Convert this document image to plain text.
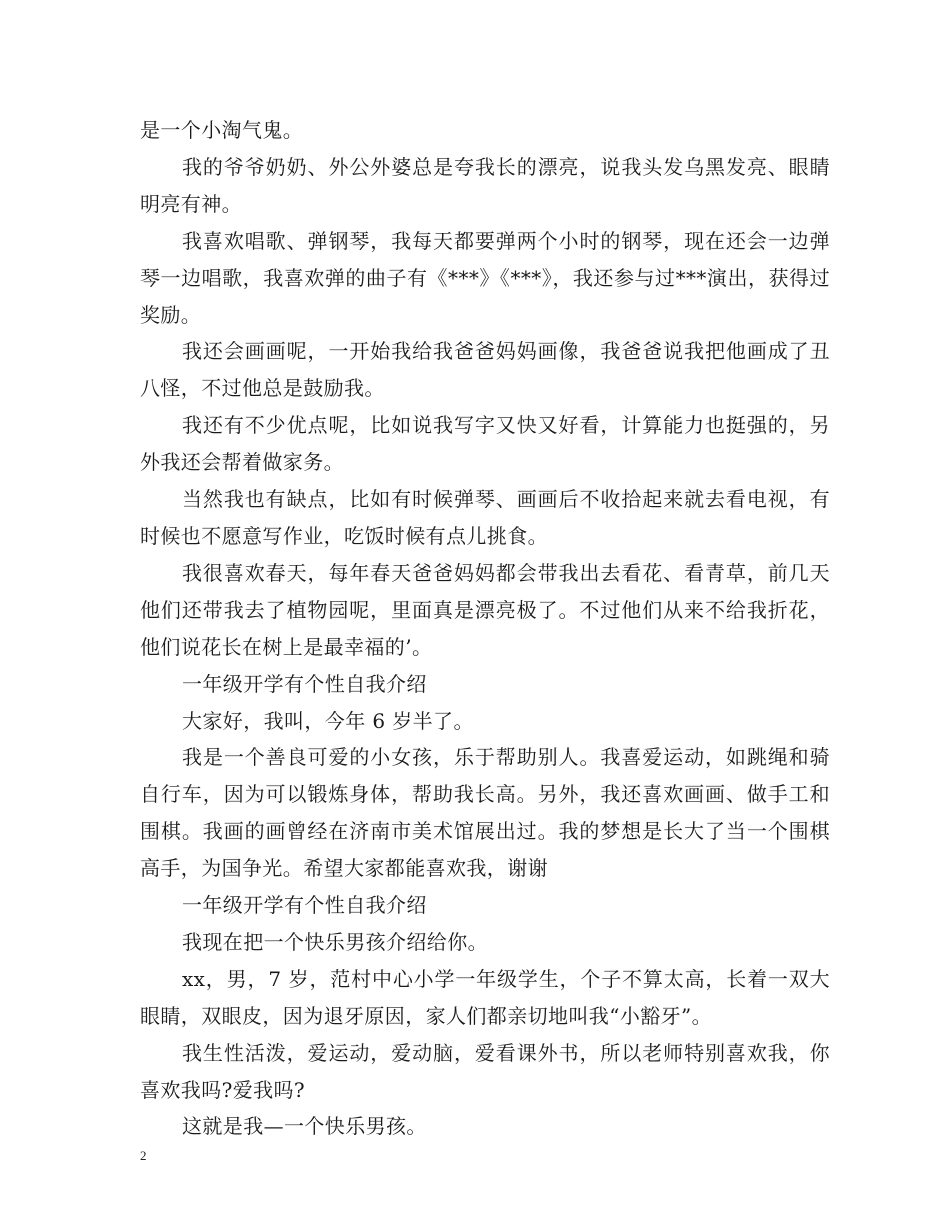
是一个小淘气鬼。

我的爷爷奶奶、外公外婆总是夸我长的漂亮，说我头发乌黑发亮、眼睛明亮有神。

我喜欢唱歌、弹钢琴，我每天都要弹两个小时的钢琴，现在还会一边弹琴一边唱歌，我喜欢弹的曲子有《***》《***》，我还参与过***演出，获得过奖励。

我还会画画呢，一开始我给我爸爸妈妈画像，我爸爸说我把他画成了丑八怪，不过他总是鼓励我。

我还有不少优点呢，比如说我写字又快又好看，计算能力也挺强的，另外我还会帮着做家务。

当然我也有缺点，比如有时候弹琴、画画后不收拾起来就去看电视，有时候也不愿意写作业，吃饭时候有点儿挑食。

我很喜欢春天，每年春天爸爸妈妈都会带我出去看花、看青草，前几天他们还带我去了植物园呢，里面真是漂亮极了。不过他们从来不给我折花，他们说花长在树上是最幸福的’。

一年级开学有个性自我介绍

大家好，我叫，今年 6 岁半了。

我是一个善良可爱的小女孩，乐于帮助别人。我喜爱运动，如跳绳和骑自行车，因为可以锻炼身体，帮助我长高。另外，我还喜欢画画、做手工和围棋。我画的画曾经在济南市美术馆展出过。我的梦想是长大了当一个围棋高手，为国争光。希望大家都能喜欢我，谢谢

一年级开学有个性自我介绍

我现在把一个快乐男孩介绍给你。

xx，男，7 岁，范村中心小学一年级学生，个子不算太高，长着一双大眼睛，双眼皮，因为退牙原因，家人们都亲切地叫我“小豁牙”。

我生性活泼，爱运动，爱动脑，爱看课外书，所以老师特别喜欢我，你喜欢我吗?爱我吗?

这就是我—一个快乐男孩。

2
